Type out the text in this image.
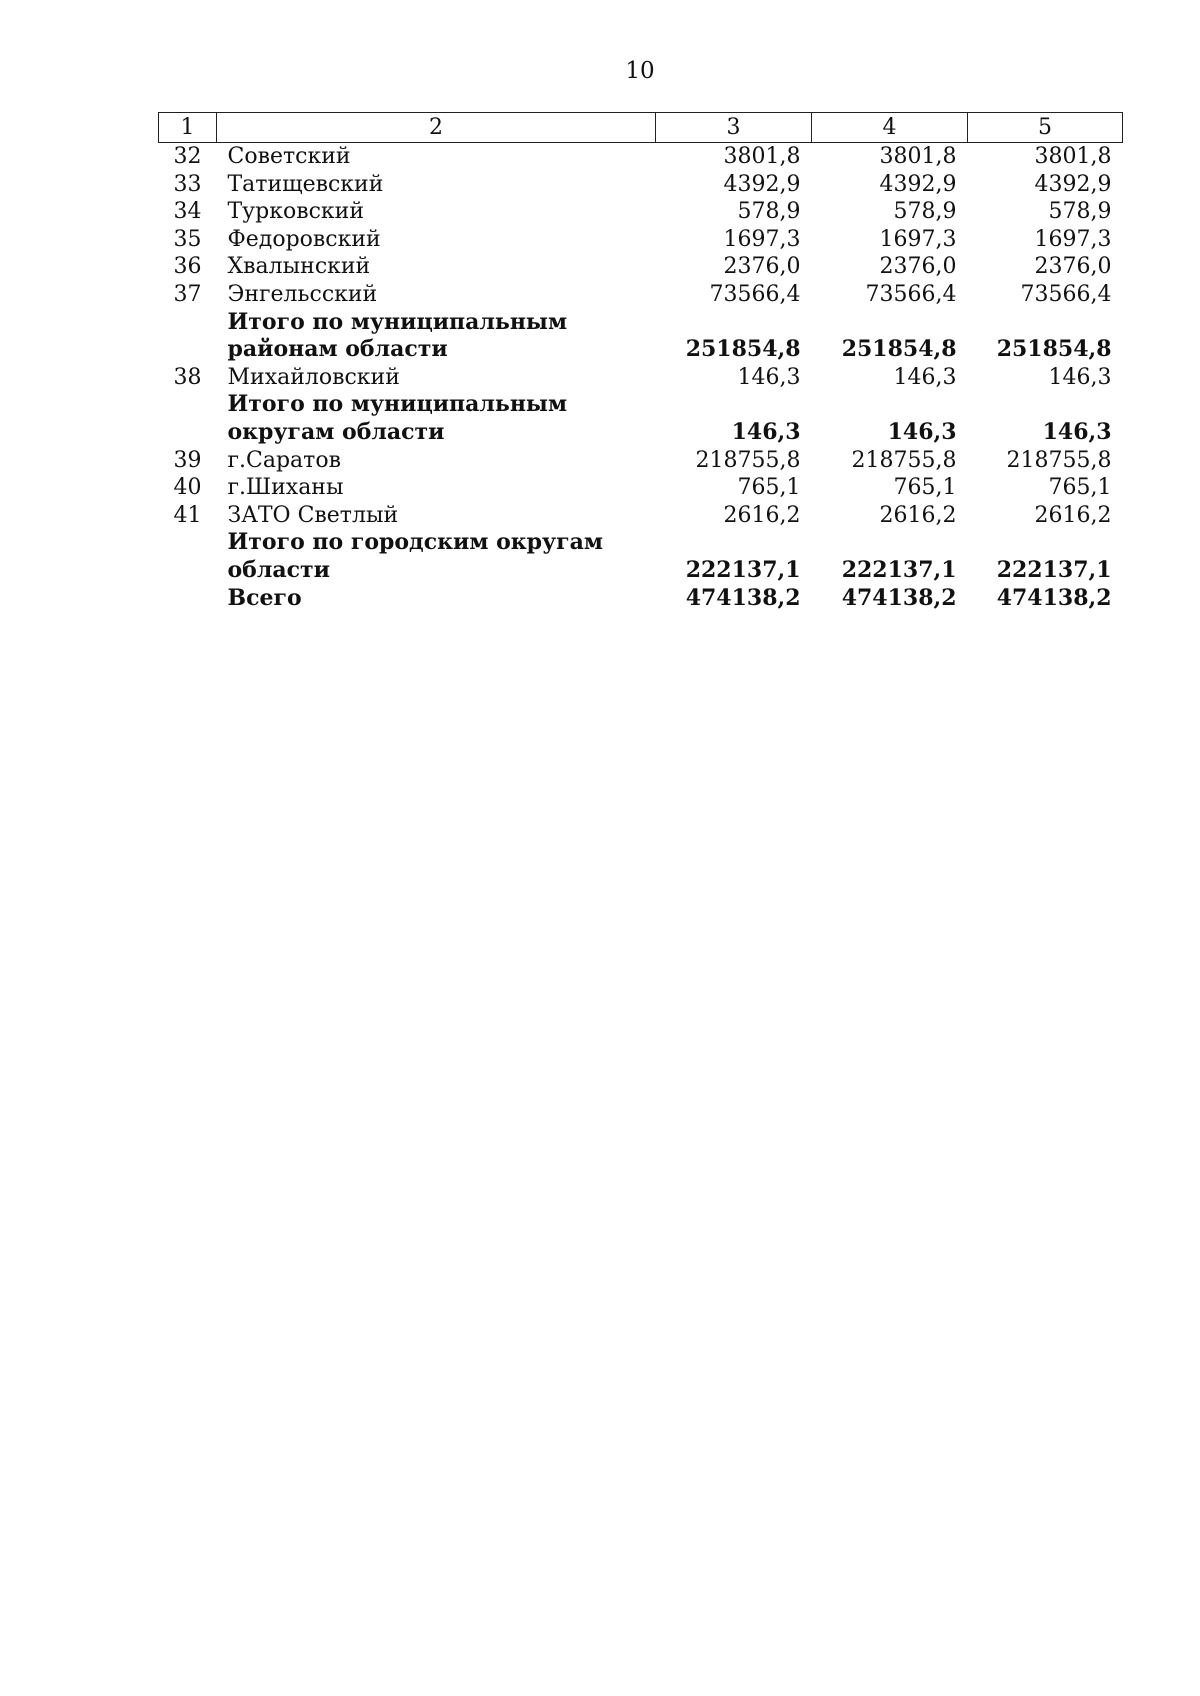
10
1	2	3	4	5
32	Советский	3801,8	3801,8	3801,8
33	Татищевский	4392,9	4392,9	4392,9
34	Турковский	578,9	578,9	578,9
35	Федоровский	1697,3	1697,3	1697,3
36	Хвалынский	2376,0	2376,0	2376,0
37	Энгельсский	73566,4	73566,4	73566,4
	Итого по муниципальным районам области	251854,8	251854,8	251854,8
38	Михайловский	146,3	146,3	146,3
	Итого по муниципальным округам области	146,3	146,3	146,3
39	г.Саратов	218755,8	218755,8	218755,8
40	г.Шиханы	765,1	765,1	765,1
41	ЗАТО Светлый	2616,2	2616,2	2616,2
	Итого по городским округам области	222137,1	222137,1	222137,1
	Всего	474138,2	474138,2	474138,2
